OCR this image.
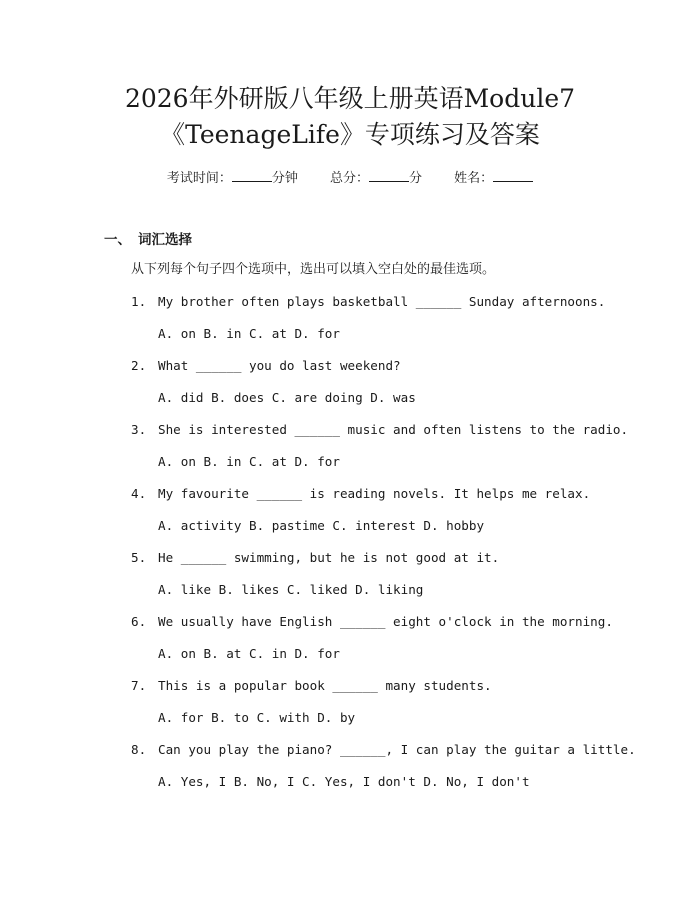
2026年外研版八年级上册英语Module7
《TeenageLife》专项练习及答案
考试时间：	分钟 总分：	分 姓名：
一、 词汇选择
从下列每个句子四个选项中，选出可以填入空白处的最佳选项。
1. My brother often plays basketball ______ Sunday afternoons.
A. on B. in C. at D. for
2. What ______ you do last weekend?
A. did B. does C. are doing D. was
3. She is interested ______ music and often listens to the radio.
A. on B. in C. at D. for
4. My favourite ______ is reading novels. It helps me relax.
A. activity B. pastime C. interest D. hobby
5. He ______ swimming, but he is not good at it.
A. like B. likes C. liked D. liking
6. We usually have English ______ eight o'clock in the morning.
A. on B. at C. in D. for
7. This is a popular book ______ many students.
A. for B. to C. with D. by
8. Can you play the piano? ______, I can play the guitar a little.
A. Yes, I B. No, I C. Yes, I don't D. No, I don't
